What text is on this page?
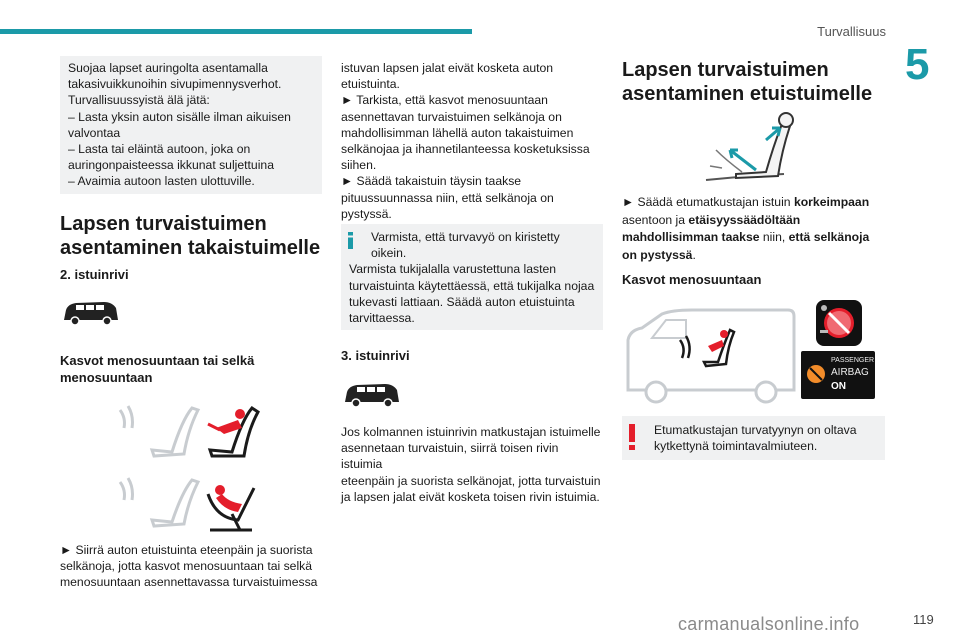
Turvallisuus
5

Suojaa lapset auringolta asentamalla

takasivuikkunoihin sivupimennysverhot.

Turvallisuussyistä älä jätä:

– Lasta yksin auton sisälle ilman aikuisen

valvontaa

– Lasta tai eläintä autoon, joka on

auringonpaisteessa ikkunat suljettuina

– Avaimia autoon lasten ulottuville.

Lapsen turvaistuimen

asentaminen takaistuimelle

2. istuinrivi

Kasvot menosuuntaan tai selkä

menosuuntaan

► Siirrä auton etuistuinta eteenpäin ja suorista

selkänoja, jotta kasvot menosuuntaan tai selkä

menosuuntaan asennettavassa turvaistuimessa

istuvan lapsen jalat eivät kosketa auton

etuistuinta.

► Tarkista, että kasvot menosuuntaan

asennettavan turvaistuimen selkänoja on

mahdollisimman lähellä auton takaistuimen

selkänojaa ja ihannetilanteessa kosketuksissa

siihen.

► Säädä takaistuin täysin taakse

pituussuunnassa niin, että selkänoja on

pystyssä.

Varmista, että turvavyö on kiristetty

oikein.

Varmista tukijalalla varustettuna lasten

turvaistuinta käytettäessä, että tukijalka nojaa

tukevasti lattiaan. Säädä auton etuistuinta

tarvittaessa.

3. istuinrivi

Jos kolmannen istuinrivin matkustajan istuimelle

asennetaan turvaistuin, siirrä toisen rivin istuimia

eteenpäin ja suorista selkänojat, jotta turvaistuin

ja lapsen jalat eivät kosketa toisen rivin istuimia.

Lapsen turvaistuimen

asentaminen etuistuimelle

► Säädä etumatkustajan istuin korkeimpaan
asentoon ja etäisyyssäädöltään
mahdollisimman taakse niin, että selkänoja
on pystyssä.
Kasvot menosuuntaan
PASSENGER
AIRBAG
ON

Etumatkustajan turvatyynyn on oltava

kytkettynä toimintavalmiuteen.

carmanualsonline.info	119
